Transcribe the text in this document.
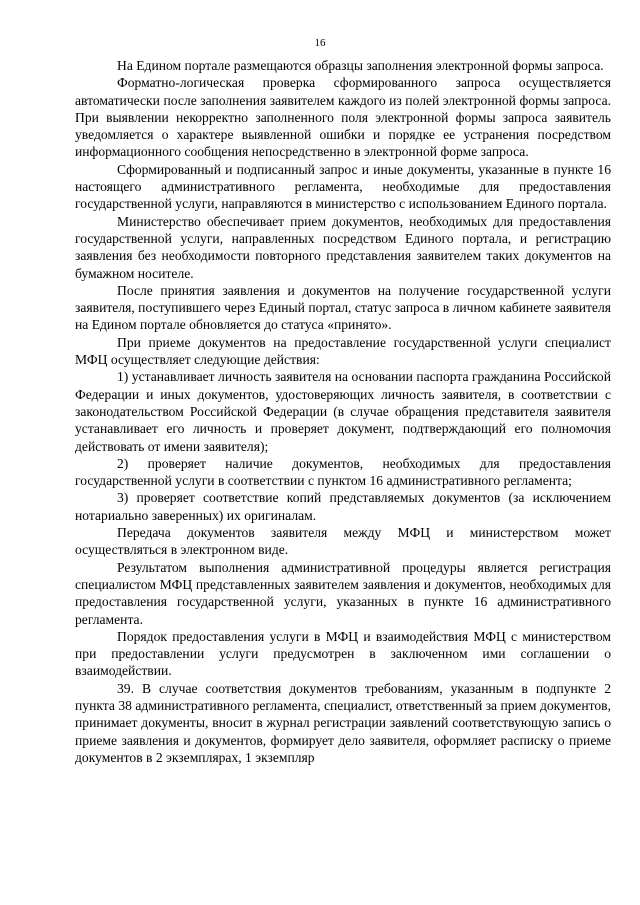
16

На Едином портале размещаются образцы заполнения электронной формы запроса.

Форматно-логическая проверка сформированного запроса осуществляется автоматически после заполнения заявителем каждого из полей электронной формы запроса. При выявлении некорректно заполненного поля электронной формы запроса заявитель уведомляется о характере выявленной ошибки и порядке ее устранения посредством информационного сообщения непосредственно в электронной форме запроса.

Сформированный и подписанный запрос и иные документы, указанные в пункте 16 настоящего административного регламента, необходимые для предоставления государственной услуги, направляются в министерство с использованием Единого портала.

Министерство обеспечивает прием документов, необходимых для предоставления государственной услуги, направленных посредством Единого портала, и регистрацию заявления без необходимости повторного представления заявителем таких документов на бумажном носителе.

После принятия заявления и документов на получение государственной услуги заявителя, поступившего через Единый портал, статус запроса в личном кабинете заявителя на Едином портале обновляется до статуса «принято».

При приеме документов на предоставление государственной услуги специалист МФЦ осуществляет следующие действия:

1) устанавливает личность заявителя на основании паспорта гражданина Российской Федерации и иных документов, удостоверяющих личность заявителя, в соответствии с законодательством Российской Федерации (в случае обращения представителя заявителя устанавливает его личность и проверяет документ, подтверждающий его полномочия действовать от имени заявителя);

2) проверяет наличие документов, необходимых для предоставления государственной услуги в соответствии с пунктом 16 административного регламента;

3) проверяет соответствие копий представляемых документов (за исключением нотариально заверенных) их оригиналам.

Передача документов заявителя между МФЦ и министерством может осуществляться в электронном виде.

Результатом выполнения административной процедуры является регистрация специалистом МФЦ представленных заявителем заявления и документов, необходимых для предоставления государственной услуги, указанных в пункте 16 административного регламента.

Порядок предоставления услуги в МФЦ и взаимодействия МФЦ с министерством при предоставлении услуги предусмотрен в заключенном ими соглашении о взаимодействии.

39. В случае соответствия документов требованиям, указанным в подпункте 2 пункта 38 административного регламента, специалист, ответственный за прием документов, принимает документы, вносит в журнал регистрации заявлений соответствующую запись о приеме заявления и документов, формирует дело заявителя, оформляет расписку о приеме документов в 2 экземплярах, 1 экземпляр
